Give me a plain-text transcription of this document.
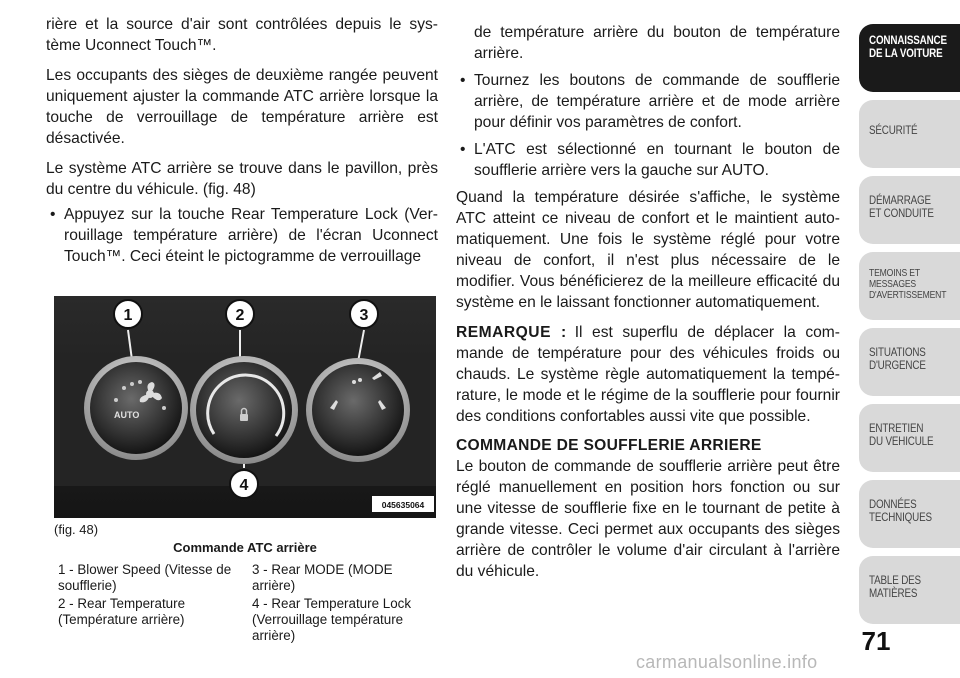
rière et la source d'air sont contrôlées depuis le sys-tème Uconnect Touch™.

Les occupants des sièges de deuxième rangée peuvent uniquement ajuster la commande ATC arrière lorsque la touche de verrouillage de température arrière est désactivée.

Le système ATC arrière se trouve dans le pavillon, près du centre du véhicule. (fig. 48)

• Appuyez sur la touche Rear Temperature Lock (Ver-rouillage température arrière) de l'écran Uconnect Touch™. Ceci éteint le pictogramme de verrouillage
AUTO
1	2	3
4
045635064
(fig. 48)
Commande ATC arrière
1 - Blower Speed (Vitesse de soufflerie)
3 - Rear MODE (MODE arrière)
2 - Rear Temperature (Température arrière)
4 - Rear Temperature Lock (Verrouillage température arrière)
de température arrière du bouton de température arrière.
• Tournez les boutons de commande de soufflerie arrière, de température arrière et de mode arrière pour définir vos paramètres de confort.
• L'ATC est sélectionné en tournant le bouton de soufflerie arrière vers la gauche sur AUTO.

Quand la température désirée s'affiche, le système ATC atteint ce niveau de confort et le maintient auto-matiquement. Une fois le système réglé pour votre niveau de confort, il n'est plus nécessaire de le modifier. Vous bénéficierez de la meilleure efficacité du système en le laissant fonctionner automatiquement.

REMARQUE : Il est superflu de déplacer la com-mande de température pour des véhicules froids ou chauds. Le système règle automatiquement la tempé-rature, le mode et le régime de la soufflerie pour fournir des conditions confortables aussi vite que possible.

COMMANDE DE SOUFFLERIE ARRIERE

Le bouton de commande de soufflerie arrière peut être réglé manuellement en position hors fonction ou sur une vitesse de soufflerie fixe en le tournant de petite à grande vitesse. Ceci permet aux occupants des sièges arrière de contrôler le volume d'air circulant à l'arrière du véhicule.

CONNAISSANCE
DE LA VOITURE
SÉCURITÉ
DÉMARRAGE
ET CONDUITE
TEMOINS ET
MESSAGES
D'AVERTISSEMENT
SITUATIONS
D'URGENCE
ENTRETIEN
DU VEHICULE
DONNÉES
TECHNIQUES
TABLE DES
MATIÈRES
71
carmanualsonline.info
